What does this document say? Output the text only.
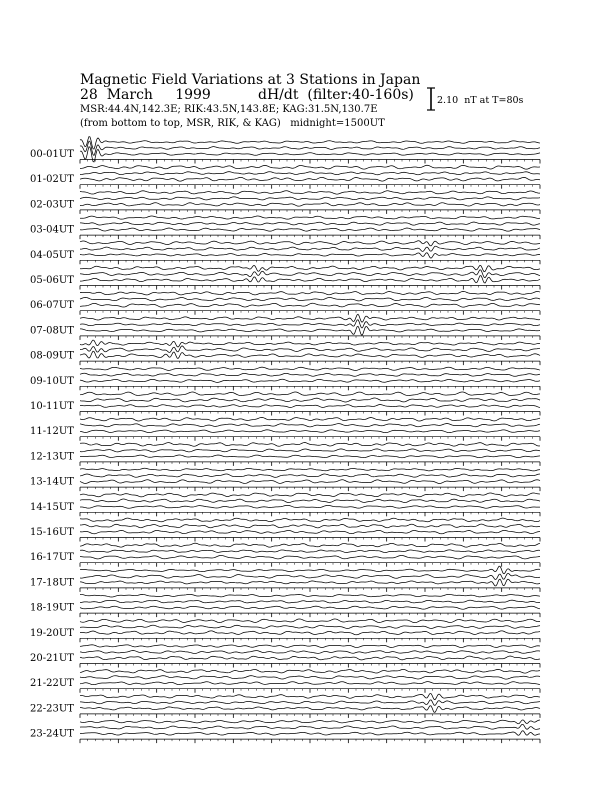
Magnetic Field Variations at 3 Stations in Japan
28  March     1999	dH/dt  (filter:40-160s)
MSR:44.4N,142.3E; RIK:43.5N,143.8E; KAG:31.5N,130.7E
(from bottom to top, MSR, RIK, & KAG)   midnight=1500UT
2.10  nT at T=80s
00-01UT
01-02UT
02-03UT
03-04UT
04-05UT
05-06UT
06-07UT
07-08UT
08-09UT
09-10UT
10-11UT
11-12UT
12-13UT
13-14UT
14-15UT
15-16UT
16-17UT
17-18UT
18-19UT
19-20UT
20-21UT
21-22UT
22-23UT
23-24UT
